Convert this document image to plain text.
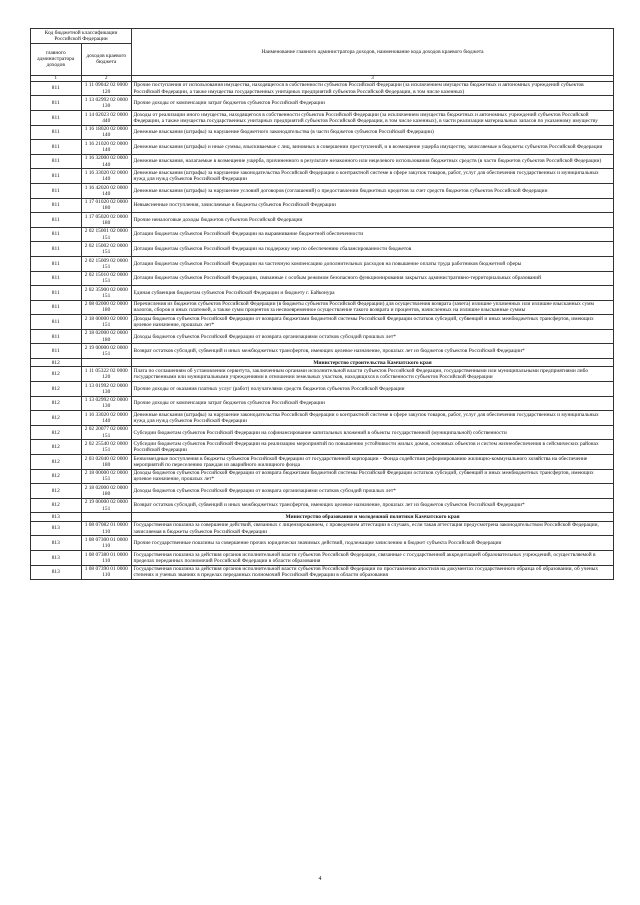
Код бюджетной классификации Российской Федерации		Наименование главного администратора доходов, наименование кода доходов краевого бюджета
главного администратора доходов	доходов краевого бюджета	
1	2	3
811	1 11 09042 02 0000 120	Прочие поступления от использования имущества, находящегося в собственности субъектов Российской Федерации (за исключением имущества бюджетных и автономных учреждений субъектов Российской Федерации, а также имущества государственных унитарных предприятий субъектов Российской Федерации, в том числе казенных)
811	1 13 02992 02 0000 130	Прочие доходы от компенсации затрат бюджетов субъектов Российской Федерации
811	1 14 02023 02 0000 440	Доходы от реализации иного имущества, находящегося в собственности субъектов Российской Федерации (за исключением имущества бюджетных и автономных учреждений субъектов Российской Федерации, а также имущества государственных унитарных предприятий субъектов Российской Федерации, в том числе казенных), в части реализации материальных запасов по указанному имуществу
811	1 16 18020 02 0000 140	Денежные взыскания (штрафы) за нарушение бюджетного законодательства (в части бюджетов субъектов Российской Федерации)
811	1 16 21020 02 0000 140	Денежные взыскания (штрафы) и иные суммы, взыскиваемые с лиц, виновных в совершении преступлений, и в возмещение ущерба имуществу, зачисляемые в бюджеты субъектов Российской Федерации
811	1 16 32000 02 0000 140	Денежные взыскания, налагаемые в возмещение ущерба, причиненного в результате незаконного или нецелевого использования бюджетных средств (в части бюджетов субъектов Российской Федерации)
811	1 16 33020 02 0000 140	Денежные взыскания (штрафы) за нарушение законодательства Российской Федерации о контрактной системе в сфере закупок товаров, работ, услуг для обеспечения государственных и муниципальных нужд для нужд субъектов Российской Федерации
811	1 16 42020 02 0000 140	Денежные взыскания (штрафы) за нарушение условий договоров (соглашений) о предоставлении бюджетных кредитов за счет средств бюджетов субъектов Российской Федерации
811	1 17 01020 02 0000 180	Невыясненные поступления, зачисляемые в бюджеты субъектов Российской Федерации
811	1 17 05020 02 0000 180	Прочие неналоговые доходы бюджетов субъектов Российской Федерации
811	2 02 15001 02 0000 151	Дотации бюджетам субъектов Российской Федерации на выравнивание бюджетной обеспеченности
811	2 02 15002 02 0000 151	Дотации бюджетам субъектов Российской Федерации на поддержку мер по обеспечению сбалансированности бюджетов
811	2 02 15009 02 0000 151	Дотации бюджетам субъектов Российской Федерации на частичную компенсацию дополнительных расходов на повышение оплаты труда работников бюджетной сферы
811	2 02 15010 02 0000 151	Дотации бюджетам субъектов Российской Федерации, связанные с особым режимом безопасного функционирования закрытых административно-территориальных образований
811	2 02 35900 02 0000 151	Единая субвенция бюджетам субъектов Российской Федерации и бюджету г. Байконура
811	2 08 02000 02 0000 180	Перечисления из бюджетов субъектов Российской Федерации (в бюджеты субъектов Российской Федерации) для осуществления возврата (зачета) излишне уплаченных или излишне взысканных сумм налогов, сборов и иных платежей, а также сумм процентов за несвоевременное осуществление такого возврата и процентов, начисленных на излишне взысканные суммы
811	2 18 00000 02 0000 151	Доходы бюджетов субъектов Российской Федерации от возврата бюджетами бюджетной системы Российской Федерации остатков субсидий, субвенций и иных межбюджетных трансфертов, имеющих целевое назначение, прошлых лет*
811	2 18 02000 02 0000 180	Доходы бюджетов субъектов Российской Федерации от возврата организациями остатков субсидий прошлых лет*
811	2 19 00000 02 0000 151	Возврат остатков субсидий, субвенций и иных межбюджетных трансфертов, имеющих целевое назначение, прошлых лет из бюджетов субъектов Российской Федерации*
812		Министерство строительства Камчатского края
812	1 11 05322 02 0000 120	Плата по соглашениям об установлении сервитута, заключенным органами исполнительной власти субъектов Российской Федерации, государственными или муниципальными предприятиями либо государственными или муниципальными учреждениями в отношении земельных участков, находящихся в собственности субъектов Российской Федерации
812	1 13 01992 02 0000 130	Прочие доходы от оказания платных услуг (работ) получателями средств бюджетов субъектов Российской Федерации
812	1 13 02992 02 0000 130	Прочие доходы от компенсации затрат бюджетов субъектов Российской Федерации
812	1 16 33020 02 0000 140	Денежные взыскания (штрафы) за нарушение законодательства Российской Федерации о контрактной системе в сфере закупок товаров, работ, услуг для обеспечения государственных и муниципальных нужд для нужд субъектов Российской Федерации
812	2 02 20077 02 0000 151	Субсидии бюджетам субъектов Российской Федерации на софинансирование капитальных вложений в объекты государственной (муниципальной) собственности
812	2 02 25540 02 0000 151	Субсидии бюджетам субъектов Российской Федерации на реализацию мероприятий по повышению устойчивости жилых домов, основных объектов и систем жизнеобеспечения в сейсмических районах Российской Федерации
812	2 03 02040 02 0000 180	Безвозмездные поступления в бюджеты субъектов Российской Федерации от государственной корпорации - Фонда содействия реформированию жилищно-коммунального хозяйства на обеспечение мероприятий по переселению граждан из аварийного жилищного фонда
812	2 18 00000 02 0000 151	Доходы бюджетов субъектов Российской Федерации от возврата бюджетами бюджетной системы Российской Федерации остатков субсидий, субвенций и иных межбюджетных трансфертов, имеющих целевое назначение, прошлых лет*
812	2 18 02000 02 0000 180	Доходы бюджетов субъектов Российской Федерации от возврата организациями остатков субсидий прошлых лет*
812	2 19 00000 02 0000 151	Возврат остатков субсидий, субвенций и иных межбюджетных трансфертов, имеющих целевое назначение, прошлых лет из бюджетов субъектов Российской Федерации*
813		Министерство образования и молодежной политики Камчатского края
813	1 08 07082 01 0000 110	Государственная пошлина за совершение действий, связанных с лицензированием, с проведением аттестации в случаях, если такая аттестация предусмотрена законодательством Российской Федерации, зачисляемая в бюджеты субъектов Российской Федерации
813	1 08 07300 01 0000 110	Прочие государственные пошлины за совершение прочих юридически значимых действий, подлежащие зачислению в бюджет субъекта Российской Федерации
813	1 08 07380 01 0000 110	Государственная пошлина за действия органов исполнительной власти субъектов Российской Федерации, связанные с государственной аккредитацией образовательных учреждений, осуществляемой в пределах переданных полномочий Российской Федерации в области образования
813	1 08 07390 01 0000 110	Государственная пошлина за действия органов исполнительной власти субъектов Российской Федерации по проставлению апостиля на документах государственного образца об образовании, об ученых степенях и ученых званиях в пределах переданных полномочий Российской Федерации в области образования
4
